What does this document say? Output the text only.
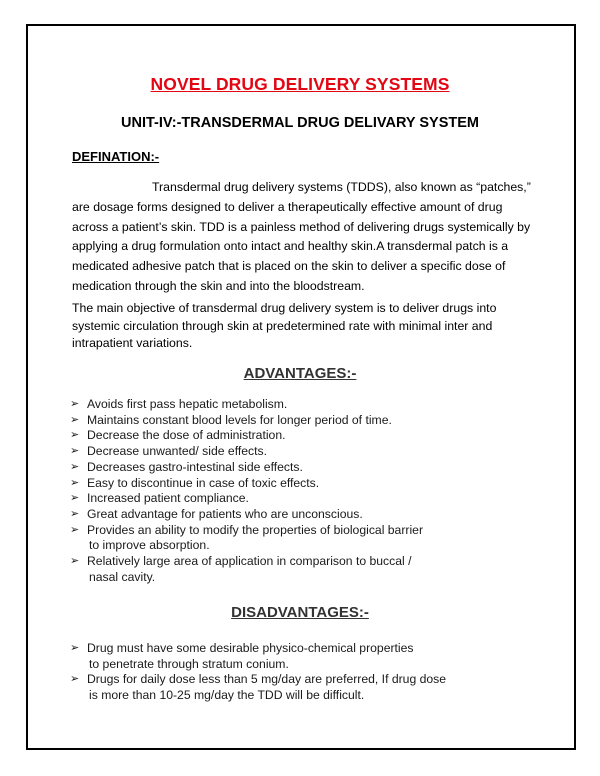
NOVEL DRUG DELIVERY SYSTEMS
UNIT-IV:-TRANSDERMAL DRUG DELIVARY SYSTEM
DEFINATION:-

Transdermal drug delivery systems (TDDS), also known as “patches,” are dosage forms designed to deliver a therapeutically effective amount of drug across a patient’s skin. TDD is a painless method of delivering drugs systemically by applying a drug formulation onto intact and healthy skin.A transdermal patch is a medicated adhesive patch that is placed on the skin to deliver a specific dose of medication through the skin and into the bloodstream.

The main objective of transdermal drug delivery system is to deliver drugs into systemic circulation through skin at predetermined rate with minimal inter and intrapatient variations.

ADVANTAGES:-
➢ Avoids first pass hepatic metabolism.
➢ Maintains constant blood levels for longer period of time.
➢ Decrease the dose of administration.
➢ Decrease unwanted/ side effects.
➢ Decreases gastro-intestinal side effects.
➢ Easy to discontinue in case of toxic effects.
➢ Increased patient compliance.
➢ Great advantage for patients who are unconscious.
➢ Provides an ability to modify the properties of biological barrier
to improve absorption.
➢ Relatively large area of application in comparison to buccal /
nasal cavity.
DISADVANTAGES:-
➢ Drug must have some desirable physico-chemical properties
to penetrate through stratum conium.
➢ Drugs for daily dose less than 5 mg/day are preferred, If drug dose
is more than 10-25 mg/day the TDD will be difficult.
